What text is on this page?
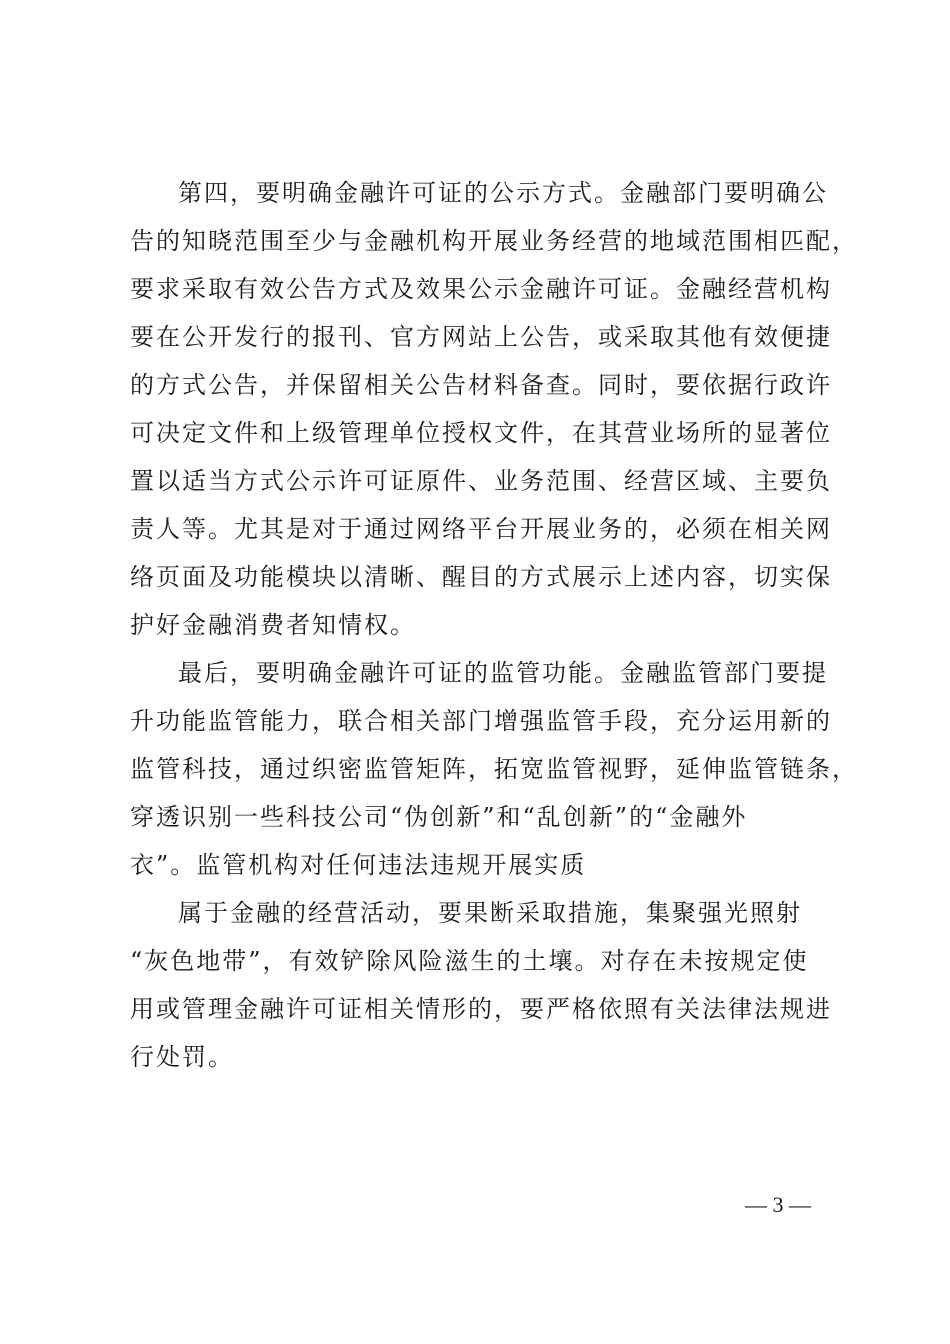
第四，要明确金融许可证的公示方式。金融部门要明确公
告的知晓范围至少与金融机构开展业务经营的地域范围相匹配，
要求采取有效公告方式及效果公示金融许可证。金融经营机构
要在公开发行的报刊、官方网站上公告，或采取其他有效便捷
的方式公告，并保留相关公告材料备查。同时，要依据行政许
可决定文件和上级管理单位授权文件，在其营业场所的显著位
置以适当方式公示许可证原件、业务范围、经营区域、主要负
责人等。尤其是对于通过网络平台开展业务的，必须在相关网
络页面及功能模块以清晰、醒目的方式展示上述内容，切实保
护好金融消费者知情权。
最后，要明确金融许可证的监管功能。金融监管部门要提
升功能监管能力，联合相关部门增强监管手段，充分运用新的
监管科技，通过织密监管矩阵，拓宽监管视野，延伸监管链条，
穿透识别一些科技公司“伪创新”和“乱创新”的“金融外
衣”。监管机构对任何违法违规开展实质
属于金融的经营活动，要果断采取措施，集聚强光照射
“灰色地带”，有效铲除风险滋生的土壤。对存在未按规定使
用或管理金融许可证相关情形的，要严格依照有关法律法规进
行处罚。
— 3 —
